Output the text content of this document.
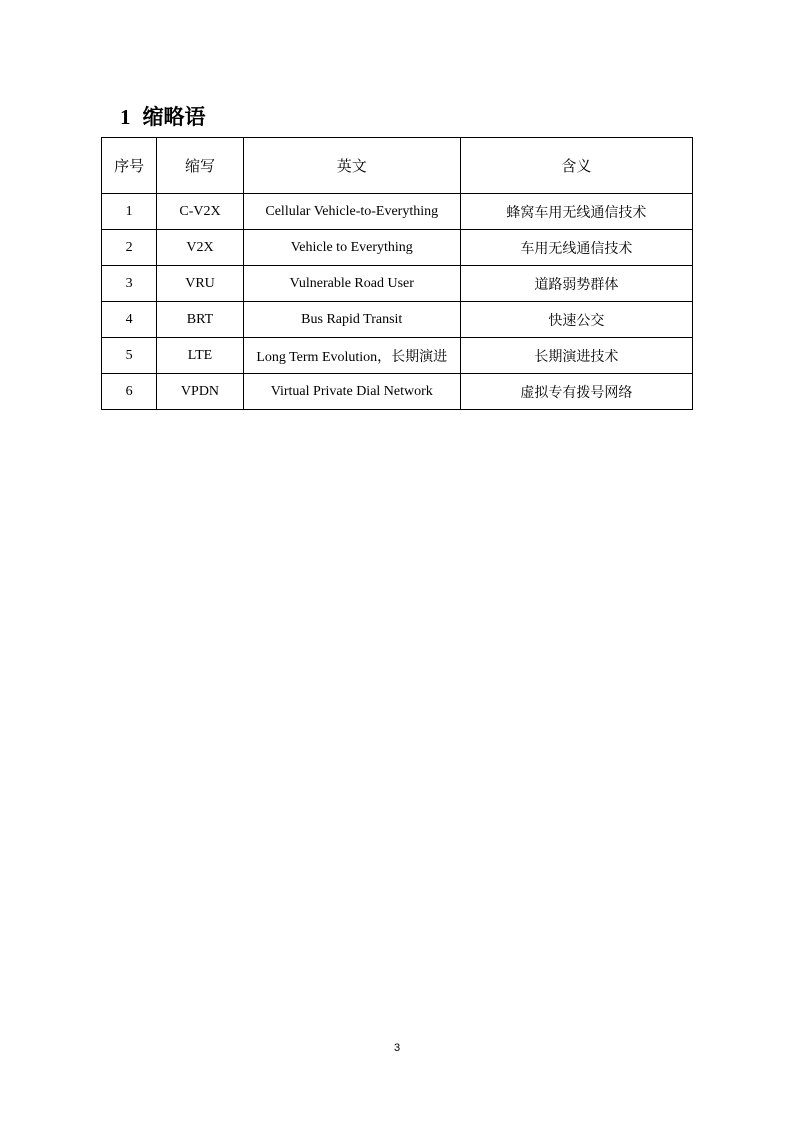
1 缩略语
序号	缩写	英文	含义
1	C-V2X	Cellular Vehicle-to-Everything	蜂窝车用无线通信技术
2	V2X	Vehicle to Everything	车用无线通信技术
3	VRU	Vulnerable Road User	道路弱势群体
4	BRT	Bus Rapid Transit	快速公交
5	LTE	Long Term Evolution，长期演进	长期演进技术
6	VPDN	Virtual Private Dial Network	虚拟专有拨号网络
3
